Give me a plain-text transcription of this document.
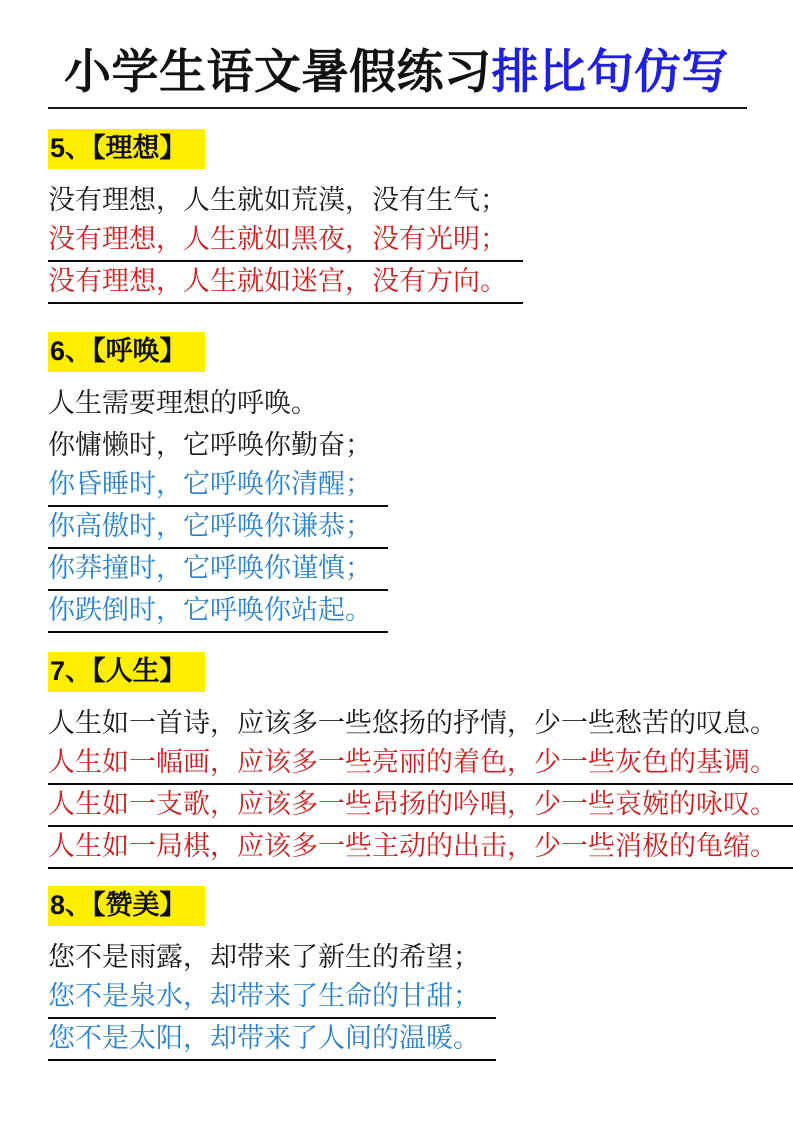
小学生语文暑假练习排比句仿写
5、【理想】
没有理想，人生就如荒漠，没有生气；
没有理想，人生就如黑夜，没有光明；
没有理想，人生就如迷宫，没有方向。
6、【呼唤】
人生需要理想的呼唤。
你慵懒时，它呼唤你勤奋；
你昏睡时，它呼唤你清醒；
你高傲时，它呼唤你谦恭；
你莽撞时，它呼唤你谨慎；
你跌倒时，它呼唤你站起。
7、【人生】
人生如一首诗，应该多一些悠扬的抒情，少一些愁苦的叹息。
人生如一幅画，应该多一些亮丽的着色，少一些灰色的基调。
人生如一支歌，应该多一些昂扬的吟唱，少一些哀婉的咏叹。
人生如一局棋，应该多一些主动的出击，少一些消极的龟缩。
8、【赞美】
您不是雨露，却带来了新生的希望；
您不是泉水，却带来了生命的甘甜；
您不是太阳，却带来了人间的温暖。
